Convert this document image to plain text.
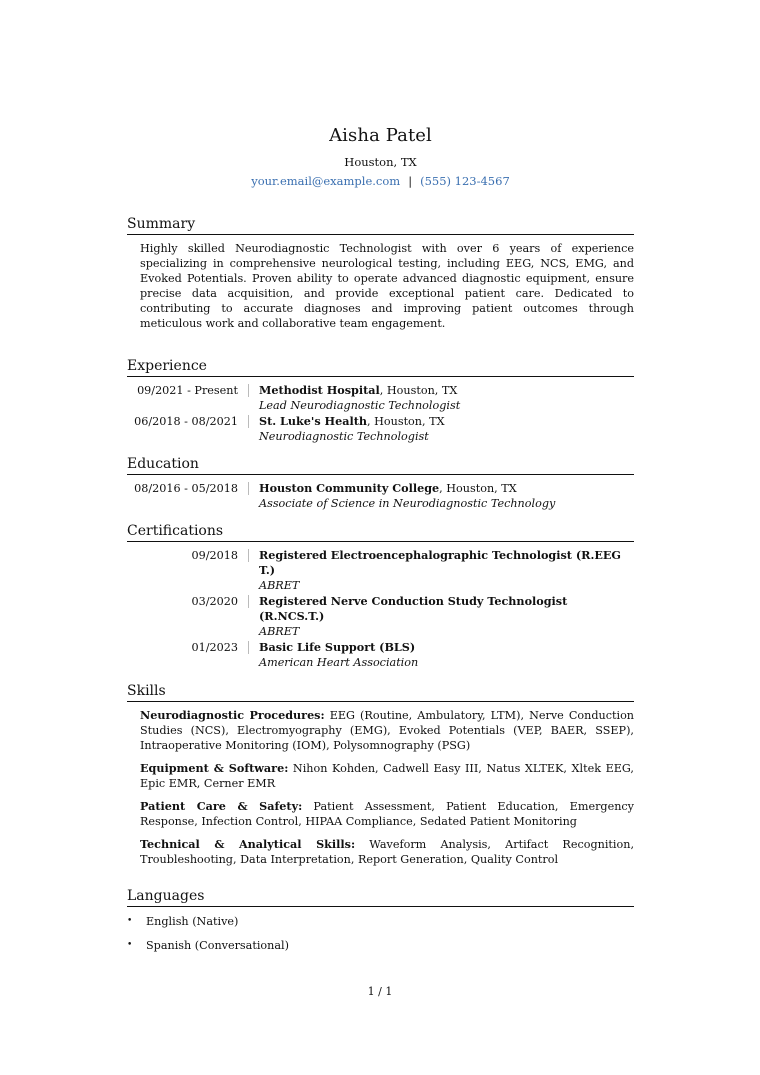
Aisha Patel
Houston, TX
your.email@example.com | (555) 123-4567
Summary
Highly skilled Neurodiagnostic Technologist with over 6 years of experience specializing in comprehensive neurological testing, including EEG, NCS, EMG, and Evoked Potentials. Proven ability to operate advanced diagnostic equipment, ensure precise data acquisition, and provide exceptional patient care. Dedicated to contributing to accurate diagnoses and improving patient outcomes through meticulous work and collaborative team engagement.
Experience
09/2021 - Present Methodist Hospital, Houston, TX
Lead Neurodiagnostic Technologist
06/2018 - 08/2021 St. Luke's Health, Houston, TX
Neurodiagnostic Technologist
Education
08/2016 - 05/2018 Houston Community College, Houston, TX
Associate of Science in Neurodiagnostic Technology
Certifications
09/2018 Registered Electroencephalographic Technologist (R.EEG T.)
ABRET
03/2020 Registered Nerve Conduction Study Technologist (R.NCS.T.)
ABRET
01/2023 Basic Life Support (BLS)
American Heart Association
Skills
Neurodiagnostic Procedures: EEG (Routine, Ambulatory, LTM), Nerve Conduction Studies (NCS), Electromyography (EMG), Evoked Potentials (VEP, BAER, SSEP), Intraoperative Monitoring (IOM), Polysomnography (PSG)
Equipment & Software: Nihon Kohden, Cadwell Easy III, Natus XLTEK, Xltek EEG, Epic EMR, Cerner EMR
Patient Care & Safety: Patient Assessment, Patient Education, Emergency Response, Infection Control, HIPAA Compliance, Sedated Patient Monitoring
Technical & Analytical Skills: Waveform Analysis, Artifact Recognition, Troubleshooting, Data Interpretation, Report Generation, Quality Control
Languages
• English (Native)
• Spanish (Conversational)
1 / 1
